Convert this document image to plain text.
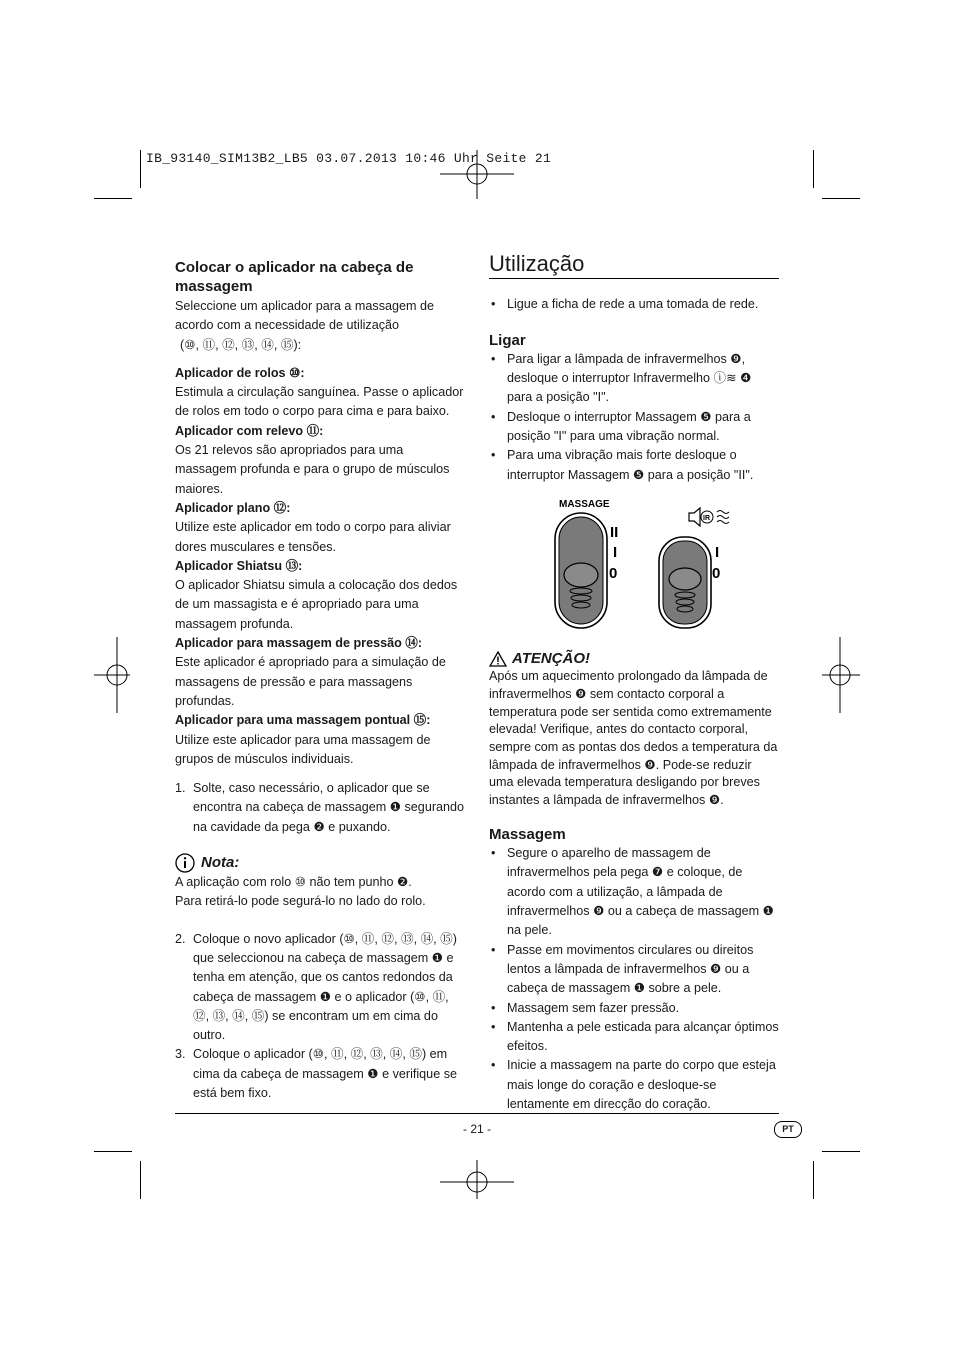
IB_93140_SIM13B2_LB5 03.07.2013 10:46 Uhr Seite 21

Colocar o aplicador na cabeça de massagem

Seleccione um aplicador para a massagem de acordo com a necessidade de utilização

(⑩, ⑪, ⑫, ⑬, ⑭, ⑮):

Aplicador de rolos ⑩:

Estimula a circulação sanguínea. Passe o aplicador de rolos em todo o corpo para cima e para baixo.

Aplicador com relevo ⑪:

Os 21 relevos são apropriados para uma massagem profunda e para o grupo de músculos maiores.

Aplicador plano ⑫:

Utilize este aplicador em todo o corpo para aliviar dores musculares e tensões.

Aplicador Shiatsu ⑬:

O aplicador Shiatsu simula a colocação dos dedos de um massagista e é apropriado para uma massagem profunda.

Aplicador para massagem de pressão ⑭:

Este aplicador é apropriado para a simulação de massagens de pressão e para massagens profundas.

Aplicador para uma massagem pontual ⑮:

Utilize este aplicador para uma massagem de grupos de músculos individuais.

1. Solte, caso necessário, o aplicador que se encontra na cabeça de massagem ❶ segurando na cavidade da pega ❷ e puxando.

Nota:

A aplicação com rolo ⑩ não tem punho ❷.

Para retirá-lo pode segurá-lo no lado do rolo.

2. Coloque o novo aplicador (⑩, ⑪, ⑫, ⑬, ⑭, ⑮) que seleccionou na cabeça de massagem ❶ e tenha em atenção, que os cantos redondos da cabeça de massagem ❶ e o aplicador (⑩, ⑪, ⑫, ⑬, ⑭, ⑮) se encontram um em cima do outro.
3. Coloque o aplicador (⑩, ⑪, ⑫, ⑬, ⑭, ⑮) em cima da cabeça de massagem ❶ e verifique se está bem fixo.

Utilização

• Ligue a ficha de rede a uma tomada de rede.

Ligar

• Para ligar a lâmpada de infravermelhos ❾, desloque o interruptor Infravermelho ⓘ≋ ❹ para a posição "I".
• Desloque o interruptor Massagem ❺ para a posição "I" para uma vibração normal.
• Para uma vibração mais forte desloque o interruptor Massagem ❺ para a posição "II".
MASSAGE
II
I
0
IR
I
0

ATENÇÃO!

Após um aquecimento prolongado da lâmpada de infravermelhos ❾ sem contacto corporal a temperatura pode ser sentida como extremamente elevada! Verifique, antes do contacto corporal, sempre com as pontas dos dedos a temperatura da lâmpada de infravermelhos ❾. Pode-se reduzir uma elevada temperatura desligando por breves instantes a lâmpada de infravermelhos ❾.

Massagem

• Segure o aparelho de massagem de infravermelhos pela pega ❼ e coloque, de acordo com a utilização, a lâmpada de infravermelhos ❾ ou a cabeça de massagem ❶ na pele.
• Passe em movimentos circulares ou direitos lentos a lâmpada de infravermelhos ❾ ou a cabeça de massagem ❶ sobre a pele.
• Massagem sem fazer pressão.
• Mantenha a pele esticada para alcançar óptimos efeitos.
• Inicie a massagem na parte do corpo que esteja mais longe do coração e desloque-se lentamente em direcção do coração.
- 21 -	PT
